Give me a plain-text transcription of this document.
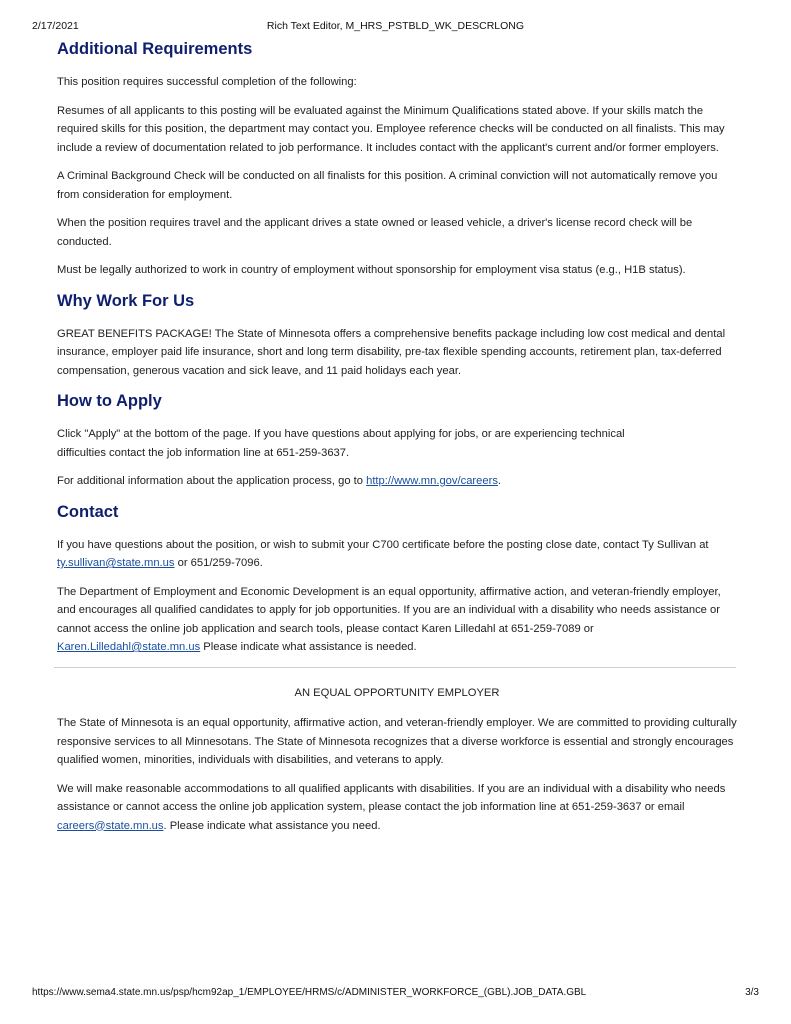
2/17/2021	Rich Text Editor, M_HRS_PSTBLD_WK_DESCRLONG
Additional Requirements

This position requires successful completion of the following:

Resumes of all applicants to this posting will be evaluated against the Minimum Qualifications stated above. If your skills match the required skills for this position, the department may contact you. Employee reference checks will be conducted on all finalists. This may include a review of documentation related to job performance. It includes contact with the applicant's current and/or former employers.

A Criminal Background Check will be conducted on all finalists for this position. A criminal conviction will not automatically remove you from consideration for employment.

When the position requires travel and the applicant drives a state owned or leased vehicle, a driver's license record check will be conducted.

Must be legally authorized to work in country of employment without sponsorship for employment visa status (e.g., H1B status).

Why Work For Us

GREAT BENEFITS PACKAGE! The State of Minnesota offers a comprehensive benefits package including low cost medical and dental insurance, employer paid life insurance, short and long term disability, pre-tax flexible spending accounts, retirement plan, tax-deferred compensation, generous vacation and sick leave, and 11 paid holidays each year.

How to Apply

Click "Apply" at the bottom of the page. If you have questions about applying for jobs, or are experiencing technical
difficulties contact the job information line at 651-259-3637.

For additional information about the application process, go to http://www.mn.gov/careers.

Contact

If you have questions about the position, or wish to submit your C700 certificate before the posting close date, contact Ty Sullivan at ty.sullivan@state.mn.us or 651/259-7096.

The Department of Employment and Economic Development is an equal opportunity, affirmative action, and veteran-friendly employer, and encourages all qualified candidates to apply for job opportunities. If you are an individual with a disability who needs assistance or cannot access the online job application and search tools, please contact Karen Lilledahl at 651-259-7089 or Karen.Lilledahl@state.mn.us Please indicate what assistance is needed.

AN EQUAL OPPORTUNITY EMPLOYER

The State of Minnesota is an equal opportunity, affirmative action, and veteran-friendly employer. We are committed to providing culturally responsive services to all Minnesotans. The State of Minnesota recognizes that a diverse workforce is essential and strongly encourages qualified women, minorities, individuals with disabilities, and veterans to apply.

We will make reasonable accommodations to all qualified applicants with disabilities. If you are an individual with a disability who needs assistance or cannot access the online job application system, please contact the job information line at 651-259-3637 or email careers@state.mn.us. Please indicate what assistance you need.

https://www.sema4.state.mn.us/psp/hcm92ap_1/EMPLOYEE/HRMS/c/ADMINISTER_WORKFORCE_(GBL).JOB_DATA.GBL	3/3
